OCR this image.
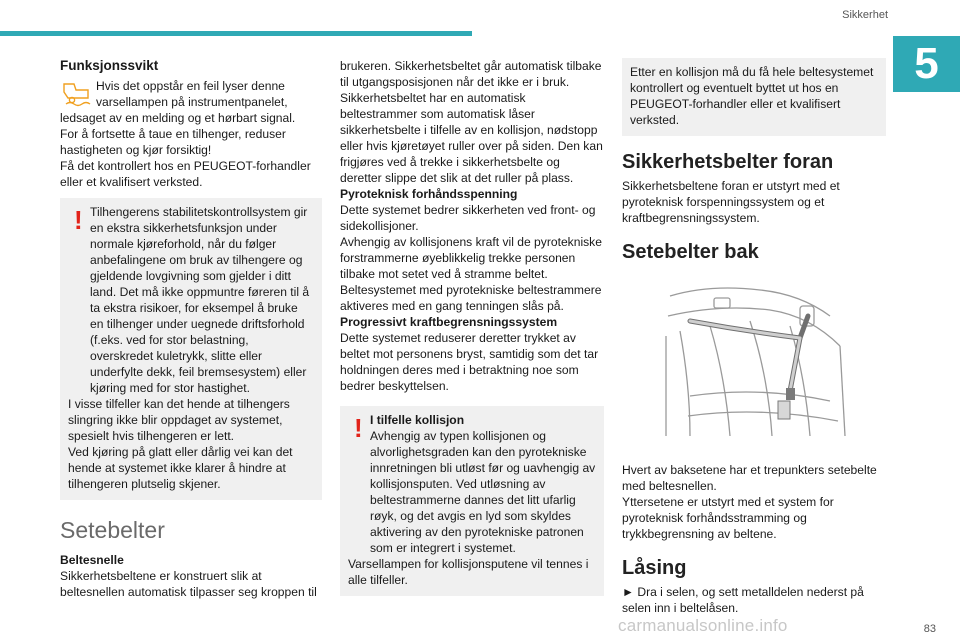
Sikkerhet
5
Funksjonssvikt

Hvis det oppstår en feil lyser denne varsellampen på instrumentpanelet, ledsaget av en melding og et hørbart signal.

For å fortsette å taue en tilhenger, reduser hastigheten og kjør forsiktig!

Få det kontrollert hos en PEUGEOT-forhandler eller et kvalifisert verksted.

! Tilhengerens stabilitetskontrollsystem gir en ekstra sikkerhetsfunksjon under normale kjøreforhold, når du følger anbefalingene om bruk av tilhengere og gjeldende lovgivning som gjelder i ditt land. Det må ikke oppmuntre føreren til å ta ekstra risikoer, for eksempel å bruke en tilhenger under uegnede driftsforhold (f.eks. ved for stor belastning, overskredet kuletrykk, slitte eller underfylte dekk, feil bremsesystem) eller kjøring med for stor hastighet.

I visse tilfeller kan det hende at tilhengers slingring ikke blir oppdaget av systemet, spesielt hvis tilhengeren er lett.

Ved kjøring på glatt eller dårlig vei kan det hende at systemet ikke klarer å hindre at tilhengeren plutselig skjener.

Setebelter

Beltesnelle

Sikkerhetsbeltene er konstruert slik at beltesnellen automatisk tilpasser seg kroppen til

brukeren. Sikkerhetsbeltet går automatisk tilbake til utgangsposisjonen når det ikke er i bruk.

Sikkerhetsbeltet har en automatisk beltestrammer som automatisk låser sikkerhetsbelte i tilfelle av en kollisjon, nødstopp eller hvis kjøretøyet ruller over på siden. Den kan frigjøres ved å trekke i sikkerhetsbelte og deretter slippe det slik at det ruller på plass.

Pyroteknisk forhåndsspenning

Dette systemet bedrer sikkerheten ved front- og sidekollisjoner.

Avhengig av kollisjonens kraft vil de pyrotekniske forstrammerne øyeblikkelig trekke personen tilbake mot setet ved å stramme beltet.

Beltesystemet med pyrotekniske beltestrammere aktiveres med en gang tenningen slås på.

Progressivt kraftbegrensningssystem

Dette systemet reduserer deretter trykket av beltet mot personens bryst, samtidig som det tar holdningen deres med i betraktning noe som bedrer beskyttelsen.

! I tilfelle kollisjon

Avhengig av typen kollisjonen og alvorlighetsgraden kan den pyrotekniske innretningen bli utløst før og uavhengig av kollisjonsputen. Ved utløsning av beltestrammerne dannes det litt ufarlig røyk, og det avgis en lyd som skyldes aktivering av den pyrotekniske patronen som er integrert i systemet.

Varsellampen for kollisjonsputene vil tennes i alle tilfeller.

Etter en kollisjon må du få hele beltesystemet kontrollert og eventuelt byttet ut hos en PEUGEOT-forhandler eller et kvalifisert verksted.

Sikkerhetsbelter foran

Sikkerhetsbeltene foran er utstyrt med et pyroteknisk forspenningssystem og et kraftbegrensningssystem.

Setebelter bak

Hvert av baksetene har et trepunkters setebelte med beltesnellen.

Yttersetene er utstyrt med et system for pyroteknisk forhåndsstramming og trykkbegrensning av beltene.

Låsing

► Dra i selen, og sett metalldelen nederst på selen inn i beltelåsen.

83
carmanualsonline.info
